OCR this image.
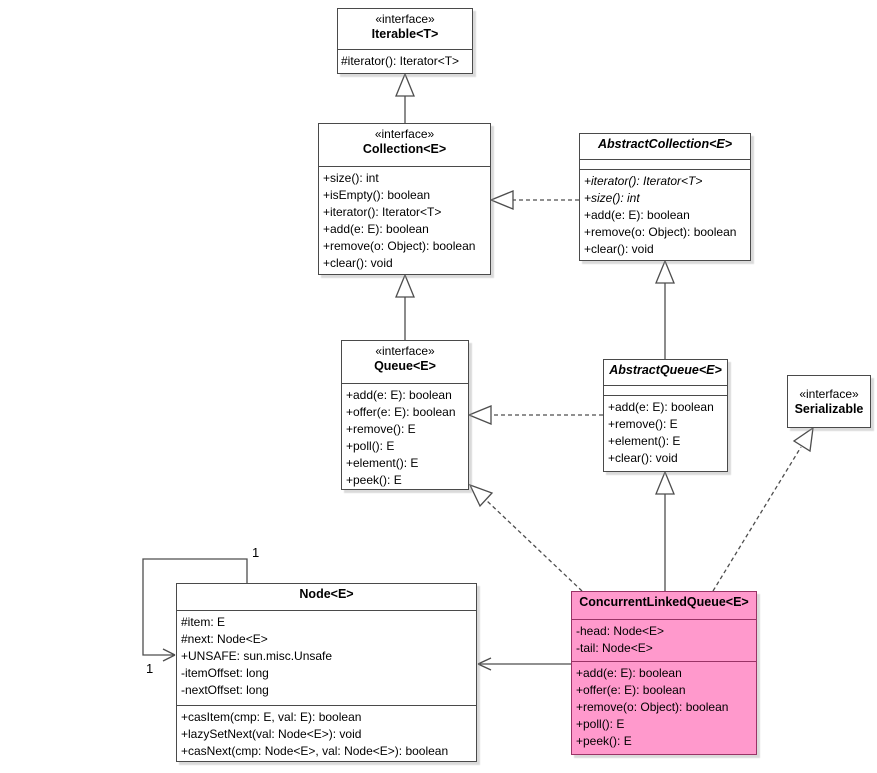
1
1
«interface»
Iterable<T>
#iterator(): Iterator<T>
«interface»
Collection<E>
+size(): int
+isEmpty(): boolean
+iterator(): Iterator<T>
+add(e: E): boolean
+remove(o: Object): boolean
+clear(): void
AbstractCollection<E>
+iterator(): Iterator<T>
+size(): int
+add(e: E): boolean
+remove(o: Object): boolean
+clear(): void
«interface»
Queue<E>
+add(e: E): boolean
+offer(e: E): boolean
+remove(): E
+poll(): E
+element(): E
+peek(): E
AbstractQueue<E>
+add(e: E): boolean
+remove(): E
+element(): E
+clear(): void
«interface»
Serializable
Node<E>
#item: E
#next: Node<E>
+UNSAFE: sun.misc.Unsafe
-itemOffset: long
-nextOffset: long
+casItem(cmp: E, val: E): boolean
+lazySetNext(val: Node<E>): void
+casNext(cmp: Node<E>, val: Node<E>): boolean
ConcurrentLinkedQueue<E>
-head: Node<E>
-tail: Node<E>
+add(e: E): boolean
+offer(e: E): boolean
+remove(o: Object): boolean
+poll(): E
+peek(): E
